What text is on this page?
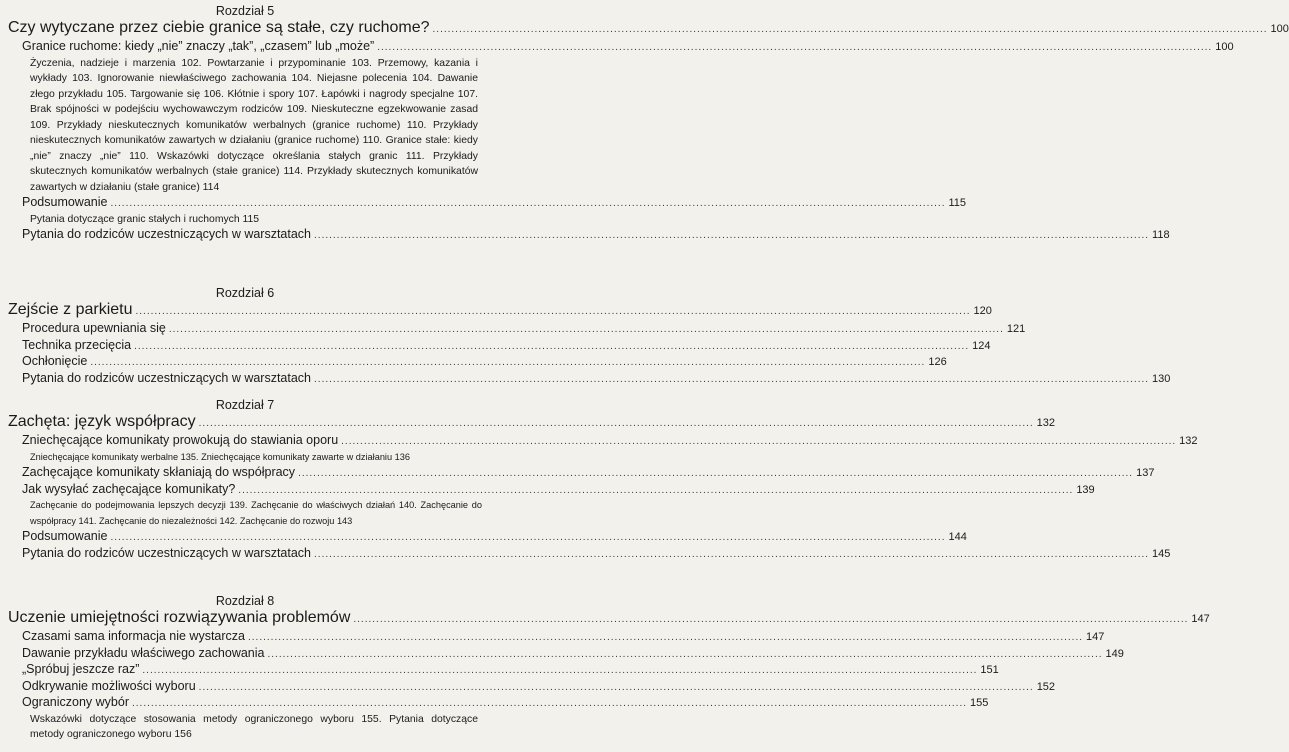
Rozdział 5

Czy wytyczane przez ciebie granice są stałe, czy ruchome? .....	100
Granice ruchome: kiedy „nie” znaczy „tak”, „czasem” lub „może” .....	100
Życzenia, nadzieje i marzenia 102. Powtarzanie i przypominanie 103. Przemowy, kazania i wykłady 103. Ignorowanie niewłaściwego zachowania 104. Niejasne polecenia 104. Dawanie złego przykładu 105. Targowanie się 106. Kłótnie i spory 107. Łapówki i nagrody specjalne 107. Brak spójności w podejściu wychowawczym rodziców 109. Nieskuteczne egzekwowanie zasad 109. Przykłady nieskutecznych komunikatów werbalnych (granice ruchome) 110. Przykłady nieskutecznych komunikatów zawartych w działaniu (granice ruchome) 110. Granice stałe: kiedy „nie” znaczy „nie” 110. Wskazówki dotyczące określania stałych granic 111. Przykłady skutecznych komunikatów werbalnych (stałe granice) 114. Przykłady skutecznych komunikatów zawartych w działaniu (stałe granice) 114
Podsumowanie .....	115
Pytania dotyczące granic stałych i ruchomych 115
Pytania do rodziców uczestniczących w warsztatach .....	118

Rozdział 6

Zejście z parkietu .....	120
Procedura upewniania się .....	121
Technika przecięcia .....	124
Ochłonięcie .....	126
Pytania do rodziców uczestniczących w warsztatach .....	130

Rozdział 7

Zachęta: język współpracy .....	132
Zniechęcające komunikaty prowokują do stawiania oporu .....	132
Zniechęcające komunikaty werbalne 135. Zniechęcające komunikaty zawarte w działaniu 136
Zachęcające komunikaty skłaniają do współpracy .....	137
Jak wysyłać zachęcające komunikaty? .....	139
Zachęcanie do podejmowania lepszych decyzji 139. Zachęcanie do właściwych działań 140. Zachęcanie do współpracy 141. Zachęcanie do niezależności 142. Zachęcanie do rozwoju 143
Podsumowanie .....	144
Pytania do rodziców uczestniczących w warsztatach .....	145

Rozdział 8

Uczenie umiejętności rozwiązywania problemów .....	147
Czasami sama informacja nie wystarcza .....	147
Dawanie przykładu właściwego zachowania .....	149
„Spróbuj jeszcze raz” .....	151
Odkrywanie możliwości wyboru .....	152
Ograniczony wybór .....	155
Wskazówki dotyczące stosowania metody ograniczonego wyboru 155. Pytania dotyczące metody ograniczonego wyboru 156
